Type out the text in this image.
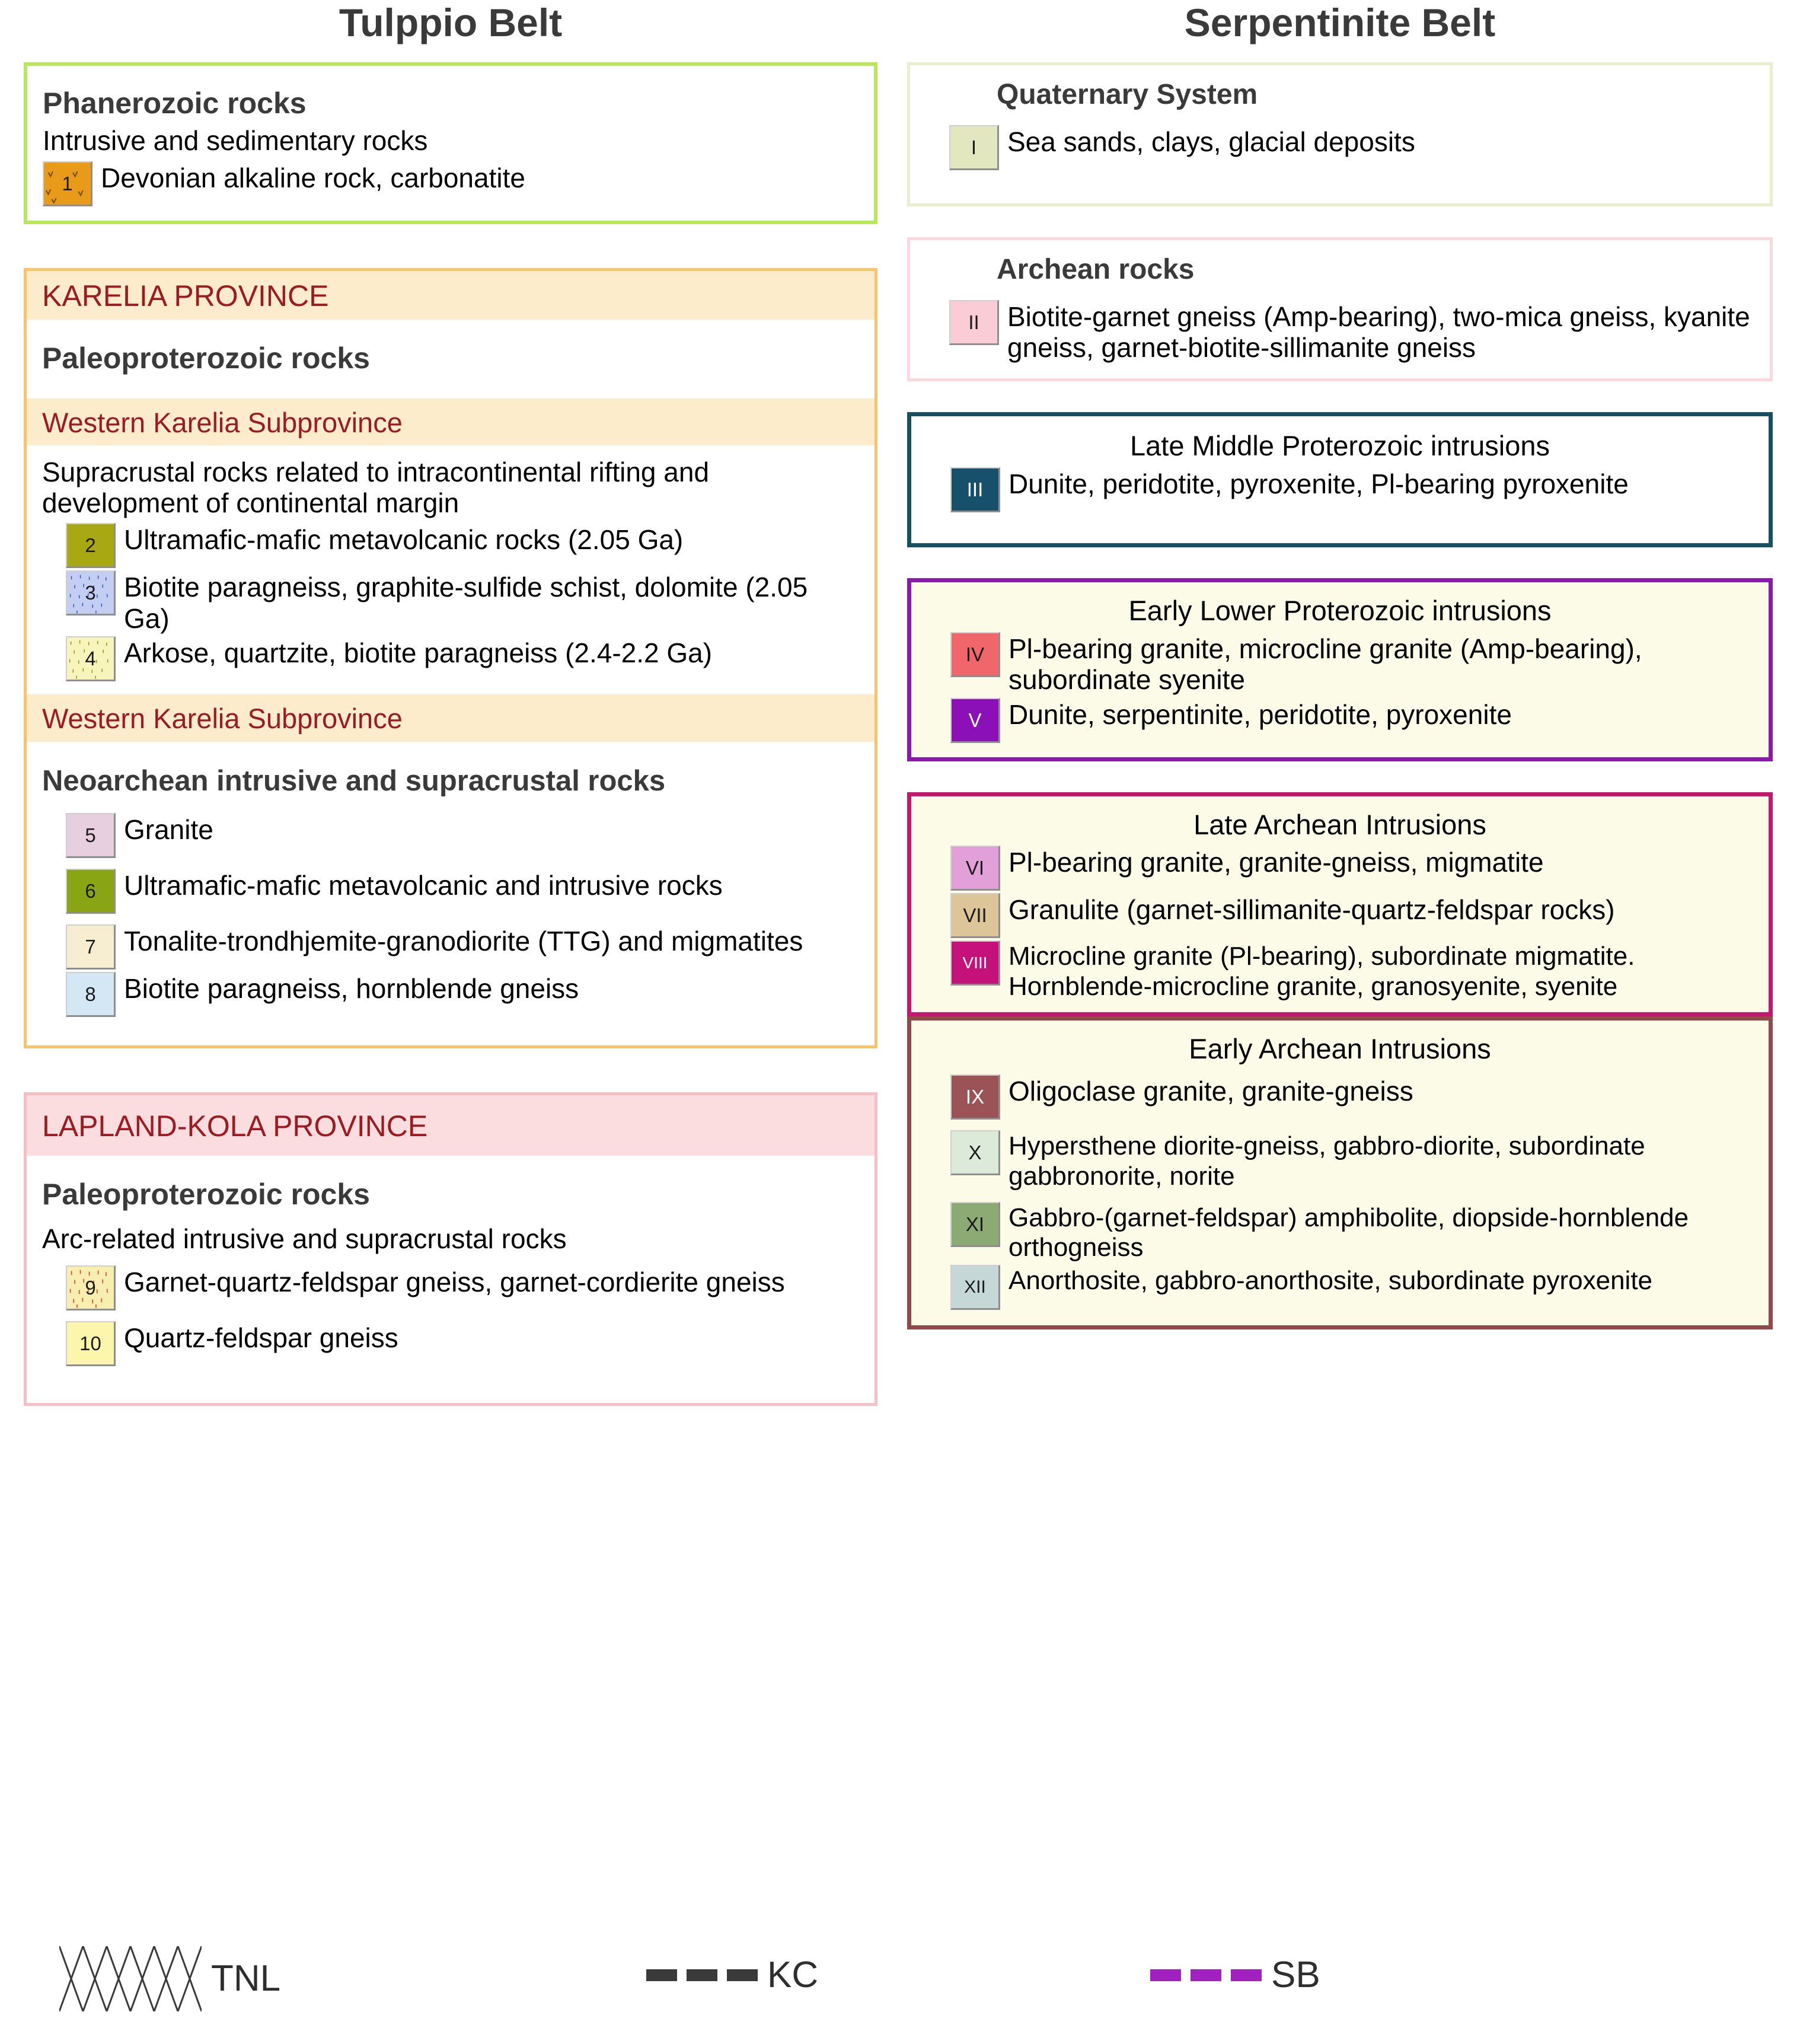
Tulppio Belt
Phanerozoic rocks
Intrusive and sedimentary rocks
1 Devonian alkaline rock, carbonatite
KARELIA PROVINCE
Paleoproterozoic rocks
Western Karelia Subprovince
Supracrustal rocks related to intracontinental rifting and development of continental margin
2 Ultramafic-mafic metavolcanic rocks (2.05 Ga)
3 Biotite paragneiss, graphite-sulfide schist, dolomite (2.05 Ga)
4 Arkose, quartzite, biotite paragneiss (2.4-2.2 Ga)
Western Karelia Subprovince
Neoarchean intrusive and supracrustal rocks
5 Granite
6 Ultramafic-mafic metavolcanic and intrusive rocks
7 Tonalite-trondhjemite-granodiorite (TTG) and migmatites
8 Biotite paragneiss, hornblende gneiss
LAPLAND-KOLA PROVINCE
Paleoproterozoic rocks
Arc-related intrusive and supracrustal rocks
9 Garnet-quartz-feldspar gneiss, garnet-cordierite gneiss
10 Quartz-feldspar gneiss
Serpentinite Belt
Quaternary System
I Sea sands, clays, glacial deposits
Archean rocks
II Biotite-garnet gneiss (Amp-bearing), two-mica gneiss, kyanite gneiss, garnet-biotite-sillimanite gneiss
Late Middle Proterozoic intrusions
III Dunite, peridotite, pyroxenite, Pl-bearing pyroxenite
Early Lower Proterozoic intrusions
IV Pl-bearing granite, microcline granite (Amp-bearing), subordinate syenite
V Dunite, serpentinite, peridotite, pyroxenite
Late Archean Intrusions
VI Pl-bearing granite, granite-gneiss, migmatite
VII Granulite (garnet-sillimanite-quartz-feldspar rocks)
VIII Microcline granite (Pl-bearing), subordinate migmatite. Hornblende-microcline granite, granosyenite, syenite
Early Archean Intrusions
IX Oligoclase granite, granite-gneiss
X Hypersthene diorite-gneiss, gabbro-diorite, subordinate gabbronorite, norite
XI Gabbro-(garnet-feldspar) amphibolite, diopside-hornblende orthogneiss
XII Anorthosite, gabbro-anorthosite, subordinate pyroxenite
TNL	KC	SB
